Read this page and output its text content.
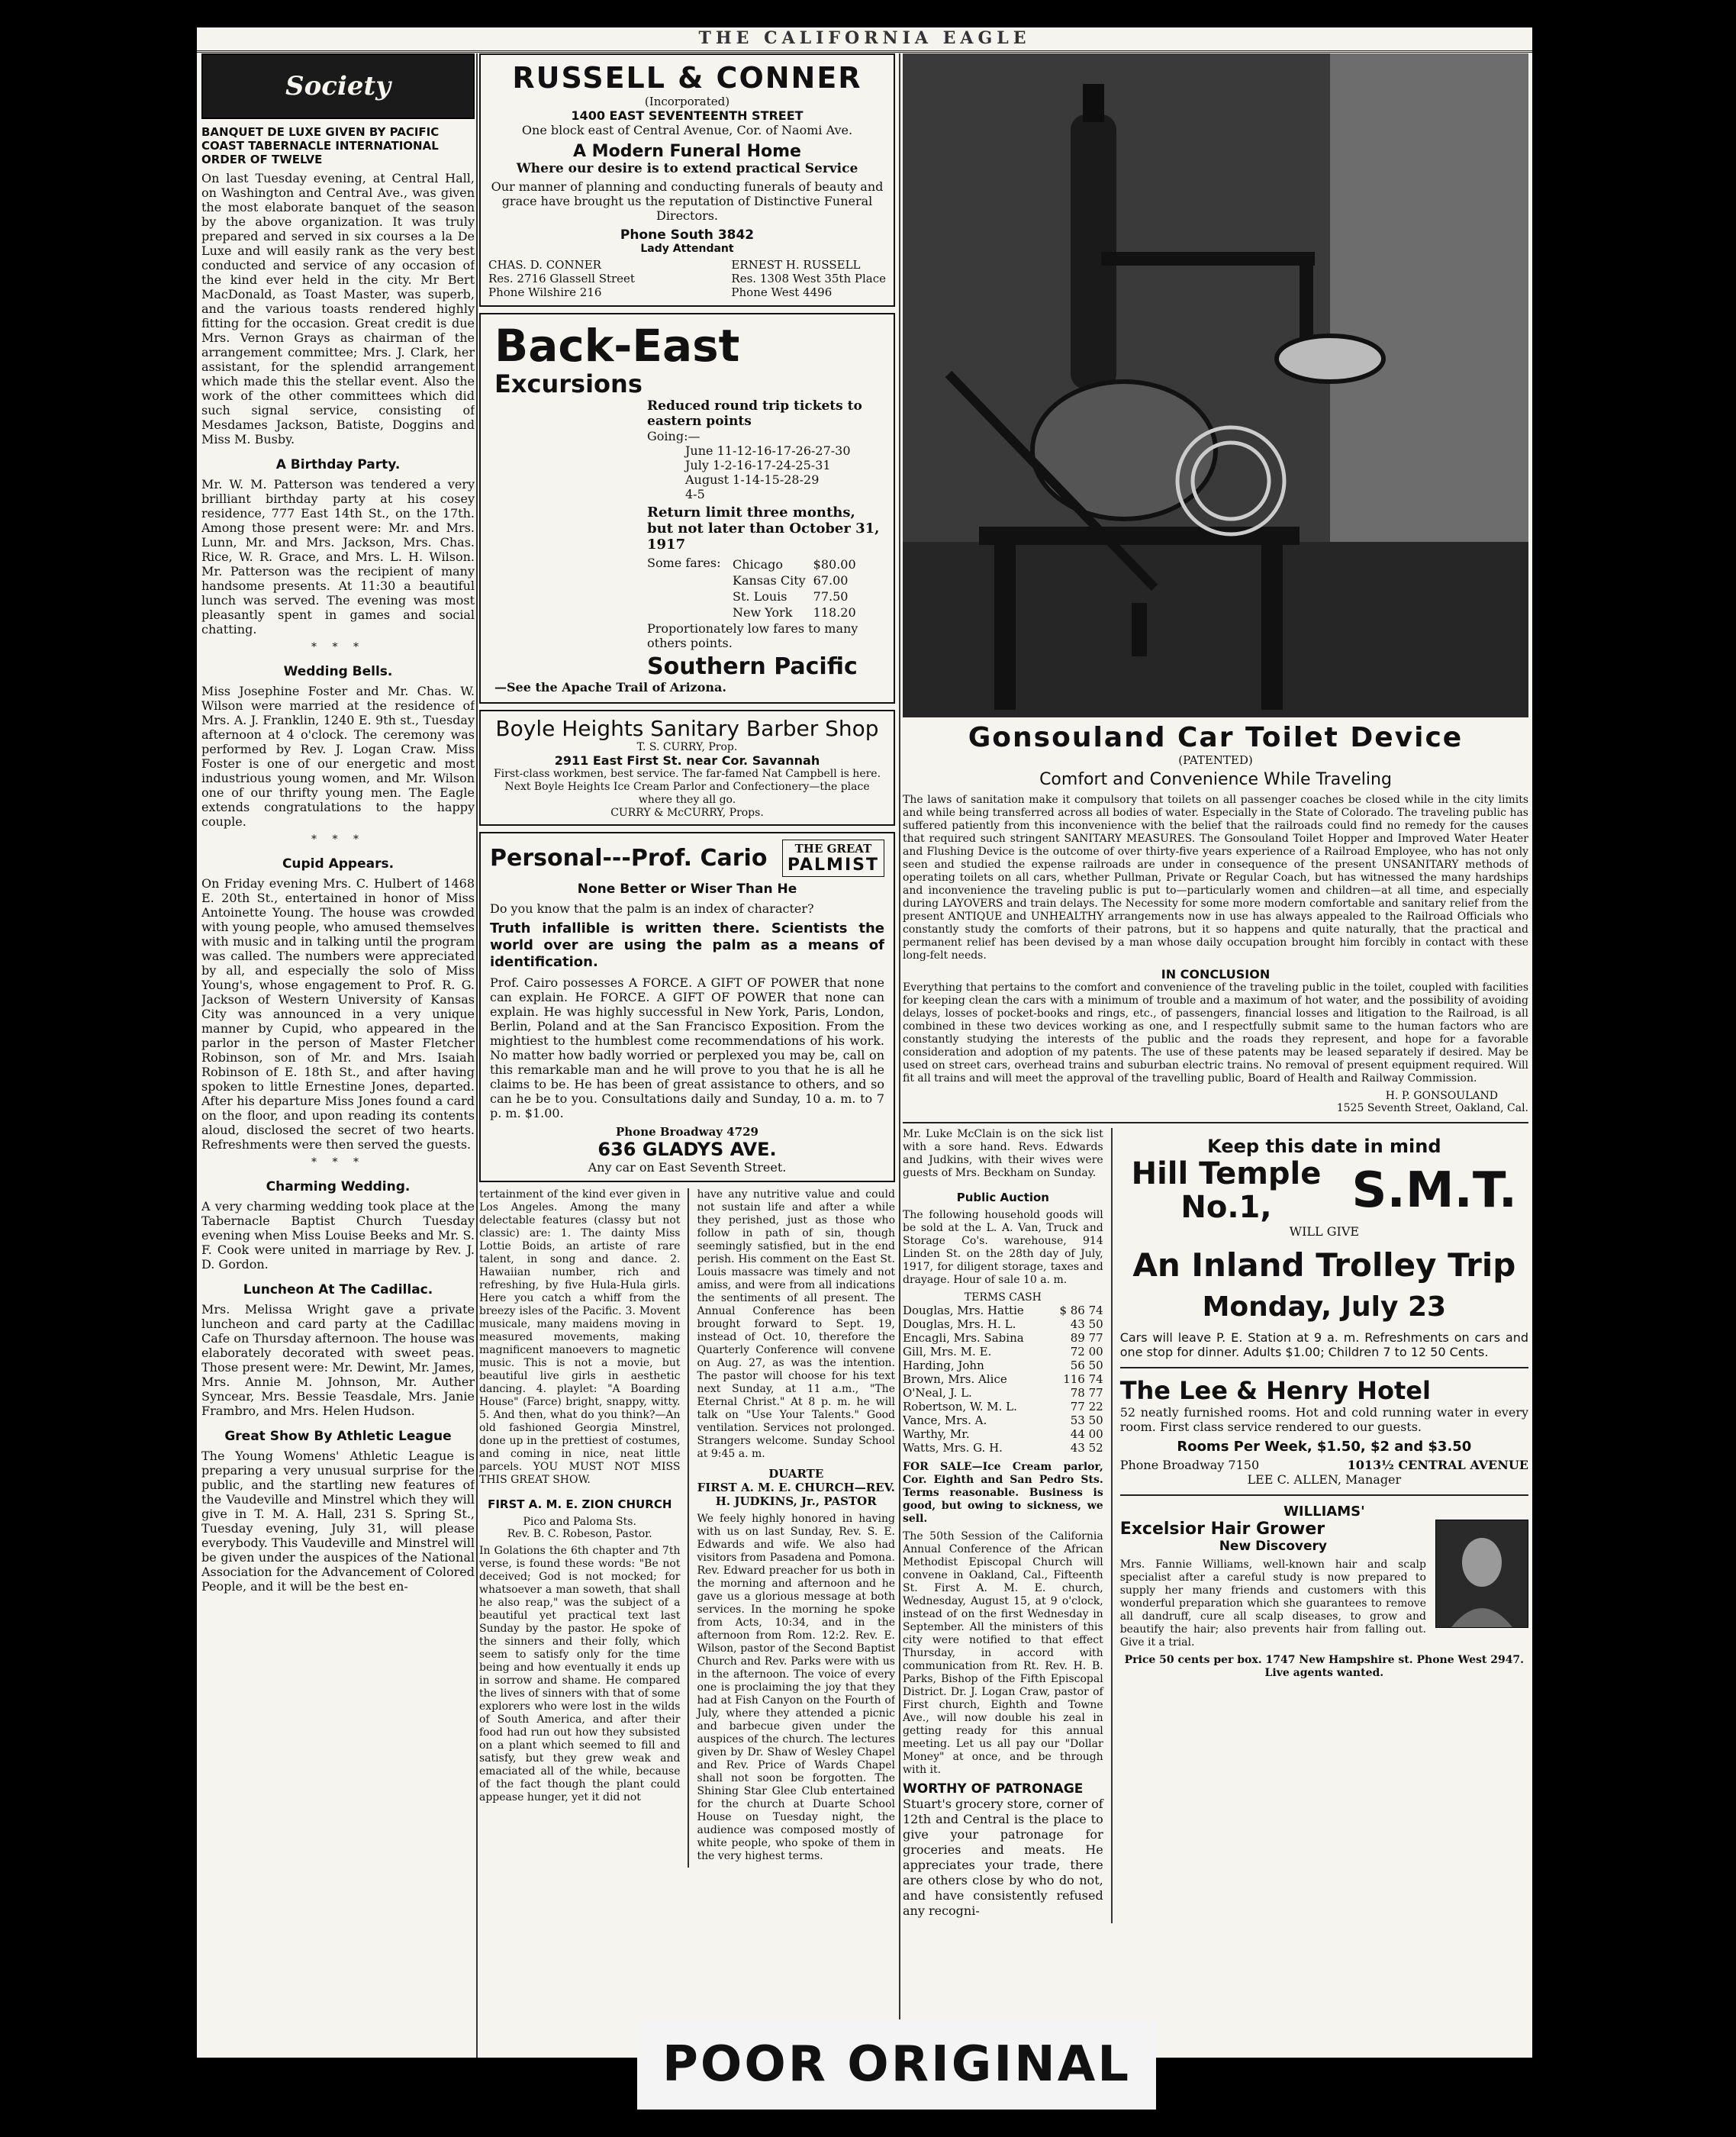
THE CALIFORNIA EAGLE
Society
BANQUET DE LUXE GIVEN BY PACIFIC COAST TABERNACLE INTERNATIONAL ORDER OF TWELVE

On last Tuesday evening, at Central Hall, on Washington and Central Ave., was given the most elaborate banquet of the season by the above organization. It was truly prepared and served in six courses a la De Luxe and will easily rank as the very best conducted and service of any occasion of the kind ever held in the city. Mr Bert MacDonald, as Toast Master, was superb, and the various toasts rendered highly fitting for the occasion. Great credit is due Mrs. Vernon Grays as chairman of the arrangement committee; Mrs. J. Clark, her assistant, for the splendid arrangement which made this the stellar event. Also the work of the other committees which did such signal service, consisting of Mesdames Jackson, Batiste, Doggins and Miss M. Busby.

A Birthday Party.

Mr. W. M. Patterson was tendered a very brilliant birthday party at his cosey residence, 777 East 14th St., on the 17th. Among those present were: Mr. and Mrs. Lunn, Mr. and Mrs. Jackson, Mrs. Chas. Rice, W. R. Grace, and Mrs. L. H. Wilson. Mr. Patterson was the recipient of many handsome presents. At 11:30 a beautiful lunch was served. The evening was most pleasantly spent in games and social chatting.

* * *
Wedding Bells.

Miss Josephine Foster and Mr. Chas. W. Wilson were married at the residence of Mrs. A. J. Franklin, 1240 E. 9th st., Tuesday afternoon at 4 o'clock. The ceremony was performed by Rev. J. Logan Craw. Miss Foster is one of our energetic and most industrious young women, and Mr. Wilson one of our thrifty young men. The Eagle extends congratulations to the happy couple.

* * *
Cupid Appears.

On Friday evening Mrs. C. Hulbert of 1468 E. 20th St., entertained in honor of Miss Antoinette Young. The house was crowded with young people, who amused themselves with music and in talking until the program was called. The numbers were appreciated by all, and especially the solo of Miss Young's, whose engagement to Prof. R. G. Jackson of Western University of Kansas City was announced in a very unique manner by Cupid, who appeared in the parlor in the person of Master Fletcher Robinson, son of Mr. and Mrs. Isaiah Robinson of E. 18th St., and after having spoken to little Ernestine Jones, departed. After his departure Miss Jones found a card on the floor, and upon reading its contents aloud, disclosed the secret of two hearts. Refreshments were then served the guests.

* * *
Charming Wedding.

A very charming wedding took place at the Tabernacle Baptist Church Tuesday evening when Miss Louise Beeks and Mr. S. F. Cook were united in marriage by Rev. J. D. Gordon.

Luncheon At The Cadillac.

Mrs. Melissa Wright gave a private luncheon and card party at the Cadillac Cafe on Thursday afternoon. The house was elaborately decorated with sweet peas. Those present were: Mr. Dewint, Mr. James, Mrs. Annie M. Johnson, Mr. Auther Syncear, Mrs. Bessie Teasdale, Mrs. Janie Frambro, and Mrs. Helen Hudson.

Great Show By Athletic League

The Young Womens' Athletic League is preparing a very unusual surprise for the public, and the startling new features of the Vaudeville and Minstrel which they will give in T. M. A. Hall, 231 S. Spring St., Tuesday evening, July 31, will please everybody. This Vaudeville and Minstrel will be given under the auspices of the National Association for the Advancement of Colored People, and it will be the best en-

RUSSELL & CONNER
(Incorporated)
1400 EAST SEVENTEENTH STREET
One block east of Central Avenue, Cor. of Naomi Ave.
A Modern Funeral Home
Where our desire is to extend practical Service

Our manner of planning and conducting funerals of beauty and grace have brought us the reputation of Distinctive Funeral Directors.

Phone South 3842
Lady Attendant
CHAS. D. CONNER
Res. 2716 Glassell Street
Phone Wilshire 216
ERNEST H. RUSSELL
Res. 1308 West 35th Place
Phone West 4496
Back-East
Excursions
Reduced round trip tickets to eastern points
Going:—
June 11-12-16-17-26-27-30
July 1-2-16-17-24-25-31
August 1-14-15-28-29
4-5
Return limit three months, but not later than October 31, 1917
Some fares: Chicago	$80.00
Kansas City	67.00
St. Louis	77.50
New York	118.20
Proportionately low fares to many others points.
Southern Pacific
—See the Apache Trail of Arizona.
Boyle Heights Sanitary Barber Shop
T. S. CURRY, Prop.
2911 East First St. near Cor. Savannah
First-class workmen, best service. The far-famed Nat Campbell is here.
Next Boyle Heights Ice Cream Parlor and Confectionery—the place where they all go.
CURRY & McCURRY, Props.
Personal---Prof. Cario	THE GREAT
PALMIST
None Better or Wiser Than He

Do you know that the palm is an index of character?

Truth infallible is written there. Scientists the world over are using the palm as a means of identification.

Prof. Cairo possesses A FORCE. A GIFT OF POWER that none can explain. He FORCE. A GIFT OF POWER that none can explain. He was highly successful in New York, Paris, London, Berlin, Poland and at the San Francisco Exposition. From the mightiest to the humblest come recommendations of his work. No matter how badly worried or perplexed you may be, call on this remarkable man and he will prove to you that he is all he claims to be. He has been of great assistance to others, and so can he be to you. Consultations daily and Sunday, 10 a. m. to 7 p. m. $1.00.

Phone Broadway 4729
636 GLADYS AVE.
Any car on East Seventh Street.

tertainment of the kind ever given in Los Angeles. Among the many delectable features (classy but not classic) are: 1. The dainty Miss Lottie Boids, an artiste of rare talent, in song and dance. 2. Hawaiian number, rich and refreshing, by five Hula-Hula girls. Here you catch a whiff from the breezy isles of the Pacific. 3. Movent musicale, many maidens moving in measured movements, making magnificent manoevers to magnetic music. This is not a movie, but beautiful live girls in aesthetic dancing. 4. playlet: "A Boarding House" (Farce) bright, snappy, witty. 5. And then, what do you think?—An old fashioned Georgia Minstrel, done up in the prettiest of costumes, and coming in nice, neat little parcels. YOU MUST NOT MISS THIS GREAT SHOW.

FIRST A. M. E. ZION CHURCH
Pico and Paloma Sts.
Rev. B. C. Robeson, Pastor.

In Golations the 6th chapter and 7th verse, is found these words: "Be not deceived; God is not mocked; for whatsoever a man soweth, that shall he also reap," was the subject of a beautiful yet practical text last Sunday by the pastor. He spoke of the sinners and their folly, which seem to satisfy only for the time being and how eventually it ends up in sorrow and shame. He compared the lives of sinners with that of some explorers who were lost in the wilds of South America, and after their food had run out how they subsisted on a plant which seemed to fill and satisfy, but they grew weak and emaciated all of the while, because of the fact though the plant could appease hunger, yet it did not

have any nutritive value and could not sustain life and after a while they perished, just as those who follow in path of sin, though seemingly satisfied, but in the end perish. His comment on the East St. Louis massacre was timely and not amiss, and were from all indications the sentiments of all present. The Annual Conference has been brought forward to Sept. 19, instead of Oct. 10, therefore the Quarterly Conference will convene on Aug. 27, as was the intention. The pastor will choose for his text next Sunday, at 11 a.m., "The Eternal Christ." At 8 p. m. he will talk on "Use Your Talents." Good ventilation. Services not prolonged. Strangers welcome. Sunday School at 9:45 a. m.

DUARTE
FIRST A. M. E. CHURCH—REV. H. JUDKINS, Jr., PASTOR

We feely highly honored in having with us on last Sunday, Rev. S. E. Edwards and wife. We also had visitors from Pasadena and Pomona. Rev. Edward preacher for us both in the morning and afternoon and he gave us a glorious message at both services. In the morning he spoke from Acts, 10:34, and in the afternoon from Rom. 12:2. Rev. E. Wilson, pastor of the Second Baptist Church and Rev. Parks were with us in the afternoon. The voice of every one is proclaiming the joy that they had at Fish Canyon on the Fourth of July, where they attended a picnic and barbecue given under the auspices of the church. The lectures given by Dr. Shaw of Wesley Chapel and Rev. Price of Wards Chapel shall not soon be forgotten. The Shining Star Glee Club entertained for the church at Duarte School House on Tuesday night, the audience was composed mostly of white people, who spoke of them in the very highest terms.

Gonsouland Car Toilet Device
(PATENTED)
Comfort and Convenience While Traveling

The laws of sanitation make it compulsory that toilets on all passenger coaches be closed while in the city limits and while being transferred across all bodies of water. Especially in the State of Colorado. The traveling public has suffered patiently from this inconvenience with the belief that the railroads could find no remedy for the causes that required such stringent SANITARY MEASURES. The Gonsouland Toilet Hopper and Improved Water Heater and Flushing Device is the outcome of over thirty-five years experience of a Railroad Employee, who has not only seen and studied the expense railroads are under in consequence of the present UNSANITARY methods of operating toilets on all cars, whether Pullman, Private or Regular Coach, but has witnessed the many hardships and inconvenience the traveling public is put to—particularly women and children—at all time, and especially during LAYOVERS and train delays. The Necessity for some more modern comfortable and sanitary relief from the present ANTIQUE and UNHEALTHY arrangements now in use has always appealed to the Railroad Officials who constantly study the comforts of their patrons, but it so happens and quite naturally, that the practical and permanent relief has been devised by a man whose daily occupation brought him forcibly in contact with these long-felt needs.

IN CONCLUSION

Everything that pertains to the comfort and convenience of the traveling public in the toilet, coupled with facilities for keeping clean the cars with a minimum of trouble and a maximum of hot water, and the possibility of avoiding delays, losses of pocket-books and rings, etc., of passengers, financial losses and litigation to the Railroad, is all combined in these two devices working as one, and I respectfully submit same to the human factors who are constantly studying the interests of the public and the roads they represent, and hope for a favorable consideration and adoption of my patents. The use of these patents may be leased separately if desired. May be used on street cars, overhead trains and suburban electric trains. No removal of present equipment required. Will fit all trains and will meet the approval of the travelling public, Board of Health and Railway Commission.

H. P. GONSOULAND
1525 Seventh Street, Oakland, Cal.

Mr. Luke McClain is on the sick list with a sore hand. Revs. Edwards and Judkins, with their wives were guests of Mrs. Beckham on Sunday.

Public Auction

The following household goods will be sold at the L. A. Van, Truck and Storage Co's. warehouse, 914 Linden St. on the 28th day of July, 1917, for diligent storage, taxes and drayage. Hour of sale 10 a. m.

TERMS CASH
Douglas, Mrs. Hattie	$ 86 74
Douglas, Mrs. H. L.	43 50
Encagli, Mrs. Sabina	89 77
Gill, Mrs. M. E.	72 00
Harding, John	56 50
Brown, Mrs. Alice	116 74
O'Neal, J. L.	78 77
Robertson, W. M. L.	77 22
Vance, Mrs. A.	53 50
Warthy, Mr.	44 00
Watts, Mrs. G. H.	43 52

FOR SALE—Ice Cream parlor, Cor. Eighth and San Pedro Sts. Terms reasonable. Business is good, but owing to sickness, we sell.

The 50th Session of the California Annual Conference of the African Methodist Episcopal Church will convene in Oakland, Cal., Fifteenth St. First A. M. E. church, Wednesday, August 15, at 9 o'clock, instead of on the first Wednesday in September. All the ministers of this city were notified to that effect Thursday, in accord with communication from Rt. Rev. H. B. Parks, Bishop of the Fifth Episcopal District. Dr. J. Logan Craw, pastor of First church, Eighth and Towne Ave., will now double his zeal in getting ready for this annual meeting. Let us all pay our "Dollar Money" at once, and be through with it.

WORTHY OF PATRONAGE

Stuart's grocery store, corner of 12th and Central is the place to give your patronage for groceries and meats. He appreciates your trade, there are others close by who do not, and have consistently refused any recogni-

Keep this date in mind
Hill Temple
No.1,	S.M.T.
WILL GIVE
An Inland Trolley Trip
Monday, July 23

Cars will leave P. E. Station at 9 a. m. Refreshments on cars and one stop for dinner. Adults $1.00; Children 7 to 12 50 Cents.

The Lee & Henry Hotel

52 neatly furnished rooms. Hot and cold running water in every room. First class service rendered to our guests.

Rooms Per Week, $1.50, $2 and $3.50
Phone Broadway 7150	1013½ CENTRAL AVENUE
LEE C. ALLEN, Manager
WILLIAMS'
Excelsior Hair Grower
New Discovery

Mrs. Fannie Williams, well-known hair and scalp specialist after a careful study is now prepared to supply her many friends and customers with this wonderful preparation which she guarantees to remove all dandruff, cure all scalp diseases, to grow and beautify the hair; also prevents hair from falling out. Give it a trial.

Price 50 cents per box. 1747 New Hampshire st. Phone West 2947.
Live agents wanted.
POOR ORIGINAL
